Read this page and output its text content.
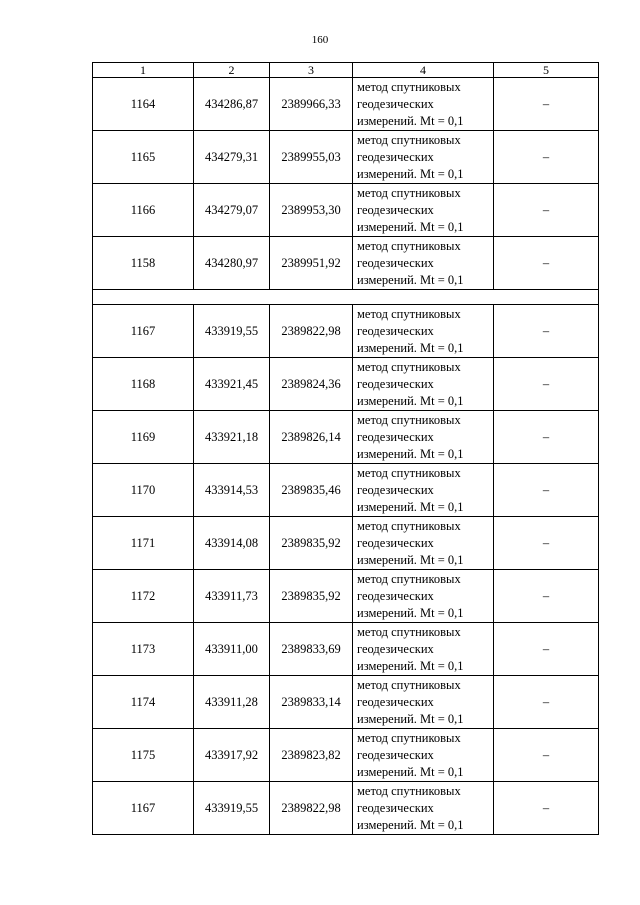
160
1	2	3	4	5
1164	434286,87	2389966,33	метод спутниковых
геодезических
измерений. Mt = 0,1	–
1165	434279,31	2389955,03	метод спутниковых
геодезических
измерений. Mt = 0,1	–
1166	434279,07	2389953,30	метод спутниковых
геодезических
измерений. Mt = 0,1	–
1158	434280,97	2389951,92	метод спутниковых
геодезических
измерений. Mt = 0,1	–

1167	433919,55	2389822,98	метод спутниковых
геодезических
измерений. Mt = 0,1	–
1168	433921,45	2389824,36	метод спутниковых
геодезических
измерений. Mt = 0,1	–
1169	433921,18	2389826,14	метод спутниковых
геодезических
измерений. Mt = 0,1	–
1170	433914,53	2389835,46	метод спутниковых
геодезических
измерений. Mt = 0,1	–
1171	433914,08	2389835,92	метод спутниковых
геодезических
измерений. Mt = 0,1	–
1172	433911,73	2389835,92	метод спутниковых
геодезических
измерений. Mt = 0,1	–
1173	433911,00	2389833,69	метод спутниковых
геодезических
измерений. Mt = 0,1	–
1174	433911,28	2389833,14	метод спутниковых
геодезических
измерений. Mt = 0,1	–
1175	433917,92	2389823,82	метод спутниковых
геодезических
измерений. Mt = 0,1	–
1167	433919,55	2389822,98	метод спутниковых
геодезических
измерений. Mt = 0,1	–
